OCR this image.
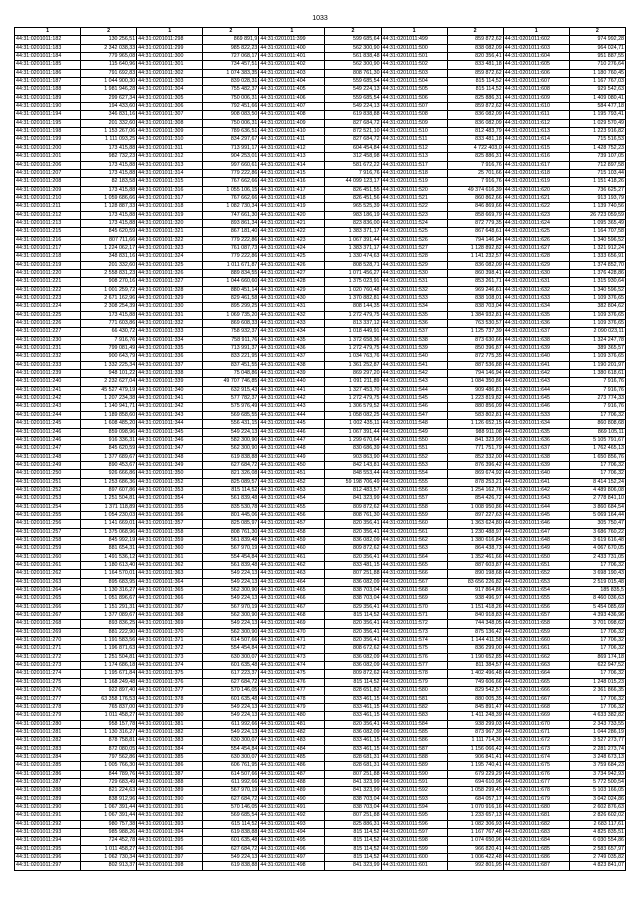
1033
1	2	1	2	1	2	1	2	1	2
44:31:0201011:182	130 256,51	44:31:0201011:298	869 891,9	44:31:0201011:399	599 685,64	44:31:0201011:499	859 872,62	44:31:0201011:602	974 992,28
44:31:0201011:183	2 342 038,33	44:31:0201011:299	985 822,23	44:31:0201011:400	562 300,90	44:31:0201011:500	838 082,09	44:31:0201011:603	964 024,71
44:31:0201011:184	779 965,08	44:31:0201011:300	727 068,17	44:31:0201011:401	561 838,48	44:31:0201011:501	820 356,41	44:31:0201011:604	951 887,55
44:31:0201011:185	115 640,96	44:31:0201011:301	734 457,51	44:31:0201011:402	562 300,90	44:31:0201011:502	833 481,18	44:31:0201011:605	710 276,64
44:31:0201011:186	791 692,83	44:31:0201011:302	1 074 383,35	44:31:0201011:403	808 761,30	44:31:0201011:503	859 872,62	44:31:0201011:606	1 180 760,45
44:31:0201011:187	1 044 900,30	44:31:0201011:303	839 028,31	44:31:0201011:404	559 685,54	44:31:0201011:504	815 114,52	44:31:0201011:607	1 167 767,03
44:31:0201011:188	1 981 946,28	44:31:0201011:304	755 482,37	44:31:0201011:405	549 224,13	44:31:0201011:505	815 114,52	44:31:0201011:608	929 542,63
44:31:0201011:189	299 627,34	44:31:0201011:305	750 006,31	44:31:0201011:406	559 685,54	44:31:0201011:506	825 886,31	44:31:0201011:609	1 409 080,41
44:31:0201011:190	194 433,60	44:31:0201011:306	792 451,66	44:31:0201011:407	549 224,13	44:31:0201011:507	859 872,62	44:31:0201011:610	584 477,18
44:31:0201011:194	346 831,16	44:31:0201011:307	908 083,50	44:31:0201011:408	619 838,88	44:31:0201011:508	836 082,09	44:31:0201011:611	1 195 793,41
44:31:0201011:195	201 332,60	44:31:0201011:308	750 006,31	44:31:0201011:409	827 684,72	44:31:0201011:509	836 082,09	44:31:0201011:612	1 029 570,49
44:31:0201011:198	1 153 267,06	44:31:0201011:309	789 636,51	44:31:0201011:410	872 521,10	44:31:0201011:510	812 483,79	44:31:0201011:613	1 223 916,82
44:31:0201011:199	1 111 093,25	44:31:0201011:310	834 297,67	44:31:0201011:411	827 684,72	44:31:0201011:511	833 481,18	44:31:0201011:614	715 516,53
44:31:0201011:200	173 415,88	44:31:0201011:311	713 991,17	44:31:0201011:412	604 454,84	44:31:0201011:512	4 722 403,0	44:31:0201011:615	1 428 752,23
44:31:0201011:201	982 732,23	44:31:0201011:312	904 253,01	44:31:0201011:413	312 458,98	44:31:0201011:513	825 886,31	44:31:0201011:616	739 107,05
44:31:0201011:206	173 415,88	44:31:0201011:313	997 660,61	44:31:0201011:414	581 672,22	44:31:0201011:517	7 916,76	44:31:0201011:617	712 897,58
44:31:0201011:207	173 415,88	44:31:0201011:314	779 222,86	44:31:0201011:415	7 916,76	44:31:0201011:518	25 701,66	44:31:0201011:618	715 103,44
44:31:0201011:208	82 183,58	44:31:0201011:315	767 662,66	44:31:0201011:416	44 099 123,17	44:31:0201011:519	7 916,76	44:31:0201011:619	1 151 418,26
44:31:0201011:209	173 415,88	44:31:0201011:316	1 055 106,15	44:31:0201011:417	826 451,55	44:31:0201011:520	49 374 616,39	44:31:0201011:620	736 625,27
44:31:0201011:210	1 059 686,66	44:31:0201011:317	767 662,66	44:31:0201011:418	826 451,56	44:31:0201011:521	860 862,66	44:31:0201011:621	913 193,79
44:31:0201011:211	1 128 887,33	44:31:0201011:318	1 082 730,34	44:31:0201011:419	965 525,39	44:31:0201011:522	846 869,66	44:31:0201011:622	1 139 740,56
44:31:0201011:212	173 415,88	44:31:0201011:319	747 661,30	44:31:0201011:420	983 186,19	44:31:0201011:523	858 669,79	44:31:0201011:623	26 723 059,59
44:31:0201011:213	173 415,88	44:31:0201011:320	893 861,34	44:31:0201011:421	823 836,00	44:31:0201011:524	872 779,35	44:31:0201011:624	1 095 365,49
44:31:0201011:215	845 620,59	44:31:0201011:321	867 181,40	44:31:0201011:422	1 383 371,17	44:31:0201011:525	867 648,61	44:31:0201011:625	1 164 707,58
44:31:0201011:216	807 711,66	44:31:0201011:322	779 222,86	44:31:0201011:423	1 067 391,44	44:31:0201011:526	794 146,94	44:31:0201011:626	1 340 596,52
44:31:0201011:217	1 224 062,17	44:31:0201011:323	761 087,73	44:31:0201011:424	1 383 371,17	44:31:0201011:527	1 128 892,82	44:31:0201011:627	1 321 912,24
44:31:0201011:218	348 831,16	44:31:0201011:324	779 222,86	44:31:0201011:425	1 330 474,63	44:31:0201011:528	1 141 232,57	44:31:0201011:628	1 333 656,91
44:31:0201011:219	201 332,60	44:31:0201011:325	1 011 671,87	44:31:0201011:426	808 528,71	44:31:0201011:529	836 082,09	44:31:0201011:629	1 374 852,70
44:31:0201011:220	2 558 831,23	44:31:0201011:326	889 834,55	44:31:0201011:427	1 071 456,27	44:31:0201011:530	860 398,41	44:31:0201011:630	1 376 428,86
44:31:0201011:221	908 270,16	44:31:0201011:327	1 044 660,60	44:31:0201011:428	1 375 023,91	44:31:0201011:531	853 261,71	44:31:0201011:631	1 315 930,64
44:31:0201011:222	1 001 259,72	44:31:0201011:328	880 451,14	44:31:0201011:429	1 020 760,48	44:31:0201011:532	969 246,61	44:31:0201011:632	1 340 596,52
44:31:0201011:223	2 671 162,96	44:31:0201011:329	829 461,58	44:31:0201011:430	1 370 882,81	44:31:0201011:533	838 108,01	44:31:0201011:633	1 109 376,65
44:31:0201011:224	2 308 254,39	44:31:0201011:330	895 299,25	44:31:0201011:431	808 144,35	44:31:0201011:534	838 703,04	44:31:0201011:634	382 804,62
44:31:0201011:225	173 415,88	44:31:0201011:331	1 069 735,20	44:31:0201011:432	1 272 479,75	44:31:0201011:535	1 384 932,81	44:31:0201011:635	1 109 376,65
44:31:0201011:226	771 603,86	44:31:0201011:332	869 608,33	44:31:0201011:433	813 337,12	44:31:0201011:536	763 530,57	44:31:0201011:636	1 109 376,65
44:31:0201011:227	66 430,72	44:31:0201011:333	758 932,37	44:31:0201011:434	1 018 449,91	44:31:0201011:537	1 125 737,39	44:31:0201011:637	2 090 023,11
44:31:0201011:230	7 916,76	44:31:0201011:334	758 911,76	44:31:0201011:435	1 372 658,36	44:31:0201011:538	873 630,66	44:31:0201011:638	1 324 247,78
44:31:0201011:231	799 081,49	44:31:0201011:335	713 991,37	44:31:0201011:436	1 272 479,75	44:31:0201011:539	850 396,87	44:31:0201011:639	389 365,57
44:31:0201011:232	900 643,79	44:31:0201011:336	833 221,95	44:31:0201011:437	1 034 763,76	44:31:0201011:540	872 775,35	44:31:0201011:640	1 109 376,65
44:31:0201011:233	1 332 225,34	44:31:0201011:337	837 451,55	44:31:0201011:438	1 361 252,87	44:31:0201011:541	887 536,88	44:31:0201011:641	1 190 201,97
44:31:0201011:239	948 101,22	44:31:0201011:338	75 048,86	44:31:0201011:439	869 297,20	44:31:0201011:542	794 146,94	44:31:0201011:642	1 380 618,61
44:31:0201011:240	2 232 627,04	44:31:0201011:339	49 707 746,85	44:31:0201011:440	1 091 211,89	44:31:0201011:543	1 084 350,86	44:31:0201011:643	7 916,76
44:31:0201011:241	45 527 479,19	44:31:0201011:340	632 915,43	44:31:0201011:441	1 327 453,70	44:31:0201011:544	909 486,81	44:31:0201011:644	7 916,76
44:31:0201011:242	1 207 234,38	44:31:0201011:341	577 782,37	44:31:0201011:442	1 272 479,75	44:31:0201011:545	1 223 819,82	44:31:0201011:645	273 774,33
44:31:0201011:243	1 140 941,71	44:31:0201011:342	575 976,49	44:31:0201011:443	1 306 579,52	44:31:0201011:546	880 856,09	44:31:0201011:646	7 916,76
44:31:0201011:244	1 189 858,60	44:31:0201011:343	569 685,55	44:31:0201011:444	1 058 082,25	44:31:0201011:547	583 802,81	44:31:0201011:533	17 706,32
44:31:0201011:245	1 608 485,20	44:31:0201011:344	556 431,15	44:31:0201011:445	1 002 435,11	44:31:0201011:548	1 126 652,15	44:31:0201011:634	860 808,68
44:31:0201011:246	859 098,96	44:31:0201011:345	549 224,13	44:31:0201011:446	1 067 391,44	44:31:0201011:549	988 911,08	44:31:0201011:635	869 105,11
44:31:0201011:246	916 336,31	44:31:0201011:346	582 300,90	44:31:0201011:447	1 299 670,64	44:31:0201011:550	841 323,99	44:31:0201011:636	5 105 791,67
44:31:0201011:247	845 620,59	44:31:0201011:347	562 300,90	44:31:0201011:448	830 686,39	44:31:0201011:551	771 751,79	44:31:0201011:637	1 762 465,13
44:31:0201011:248	1 377 689,67	44:31:0201011:348	619 838,88	44:31:0201011:449	903 863,90	44:31:0201011:552	852 332,00	44:31:0201011:638	1 650 856,76
44:31:0201011:249	890 453,67	44:31:0201011:349	627 684,72	44:31:0201011:450	842 143,81	44:31:0201011:553	876 396,42	44:31:0201011:639	17 706,32
44:31:0201011:250	926 666,86	44:31:0201011:350	821 326,08	44:31:0201011:451	848 553,44	44:31:0201011:554	869 674,92	44:31:0201011:640	17 706,32
44:31:0201011:251	1 253 686,36	44:31:0201011:352	825 089,57	44:31:0201011:452	59 198 706,49	44:31:0201011:555	878 253,21	44:31:0201011:641	8 414 152,24
44:31:0201011:252	897 607,86	44:31:0201011:353	815 114,52	44:31:0201011:453	812 483,57	44:31:0201011:556	1 254 162,76	44:31:0201011:642	4 489 806,08
44:31:0201011:253	1 251 504,81	44:31:0201011:354	561 839,48	44:31:0201011:454	841 323,99	44:31:0201011:557	854 426,72	44:31:0201011:643	2 778 841,10
44:31:0201011:254	1 371 118,89	44:31:0201011:355	835 530,78	44:31:0201011:455	809 872,62	44:31:0201011:558	1 008 950,86	44:31:0201011:644	3 860 684,54
44:31:0201011:255	1 054 230,03	44:31:0201011:356	801 445,06	44:31:0201011:456	808 761,30	44:31:0201011:559	897 227,63	44:31:0201011:645	5 069 164,44
44:31:0201011:256	1 141 669,01	44:31:0201011:357	825 085,97	44:31:0201011:457	820 356,41	44:31:0201011:560	1 363 624,80	44:31:0201011:646	305 750,47
44:31:0201011:257	1 375 068,96	44:31:0201011:358	808 761,30	44:31:0201011:458	820 356,41	44:31:0201011:561	1 230 488,97	44:31:0201011:647	3 686 760,22
44:31:0201011:258	845 992,19	44:31:0201011:359	561 839,48	44:31:0201011:459	836 082,09	44:31:0201011:562	1 380 616,84	44:31:0201011:648	3 619 616,48
44:31:0201011:259	881 654,31	44:31:0201011:360	567 970,19	44:31:0201011:460	809 872,62	44:31:0201011:563	864 438,73	44:31:0201011:649	4 067 670,05
44:31:0201011:260	1 491 536,12	44:31:0201011:361	554 454,84	44:31:0201011:461	820 356,41	44:31:0201011:564	1 352 461,66	44:31:0201011:650	2 433 731,05
44:31:0201011:261	1 180 613,40	44:31:0201011:362	561 839,48	44:31:0201011:462	833 481,15	44:31:0201011:565	887 603,87	44:31:0201011:651	17 706,32
44:31:0201011:262	1 164 570,01	44:31:0201011:363	549 224,13	44:31:0201011:463	807 251,88	44:31:0201011:566	890 198,68	44:31:0201011:652	3 698 190,43
44:31:0201011:263	895 683,95	44:31:0201011:364	549 224,13	44:31:0201011:464	836 082,09	44:31:0201011:567	83 656 226,82	44:31:0201011:653	2 519 015,48
44:31:0201011:264	1 130 316,27	44:31:0201011:365	562 300,90	44:31:0201011:465	838 703,04	44:31:0201011:568	917 864,86	44:31:0201011:654	185 835,5
44:31:0201011:265	1 051 896,67	44:31:0201011:366	549 224,13	44:31:0201011:466	838 703,04	44:31:0201011:569	938 496,97	44:31:0201011:655	8 460 036,63
44:31:0201011:266	1 151 291,31	44:31:0201011:367	567 970,19	44:31:0201011:467	829 356,41	44:31:0201011:570	1 151 418,26	44:31:0201011:656	5 454 085,69
44:31:0201011:267	1 377 089,67	44:31:0201011:368	562 300,90	44:31:0201011:468	815 114,52	44:31:0201011:571	840 918,83	44:31:0201011:657	4 393 436,96
44:31:0201011:268	893 836,25	44:31:0201011:369	549 224,13	44:31:0201011:469	820 356,41	44:31:0201011:572	744 348,05	44:31:0201011:658	3 701 098,62
44:31:0201011:269	881 222,90	44:31:0201011:370	562 300,90	44:31:0201011:470	820 356,41	44:31:0201011:573	875 136,42	44:31:0201011:659	17 706,32
44:31:0201011:270	1 191 583,56	44:31:0201011:371	614 507,66	44:31:0201011:471	820 356,41	44:31:0201011:574	1 144 411,58	44:31:0201011:660	17 706,32
44:31:0201011:271	1 196 871,63	44:31:0201011:372	554 454,84	44:31:0201011:472	808 672,62	44:31:0201011:575	836 299,00	44:31:0201011:661	17 706,32
44:31:0201011:272	1 251 504,81	44:31:0201011:373	630 300,07	44:31:0201011:473	836 082,09	44:31:0201011:576	1 190 652,85	44:31:0201011:662	869 174,18
44:31:0201011:273	1 174 686,18	44:31:0201011:374	601 635,48	44:31:0201011:474	836 082,09	44:31:0201011:577	811 384,57	44:31:0201011:663	622 947,52
44:31:0201011:274	1 195 671,84	44:31:0201011:375	617 223,37	44:31:0201011:475	809 872,62	44:31:0201011:578	1 402 496,48	44:31:0201011:664	17 706,32
44:31:0201011:275	1 168 249,48	44:31:0201011:376	627 684,72	44:31:0201011:476	815 114,52	44:31:0201011:579	749 606,66	44:31:0201011:665	1 248 015,23
44:31:0201011:276	922 897,40	44:31:0201011:377	570 146,05	44:31:0201011:477	828 651,82	44:31:0201011:580	829 542,57	44:31:0201011:666	2 361 866,35
44:31:0201011:277	63 358 176,53	44:31:0201011:378	601 635,48	44:31:0201011:478	833 461,15	44:31:0201011:581	880 005,35	44:31:0201011:667	17 706,32
44:31:0201011:278	765 837,00	44:31:0201011:379	549 224,13	44:31:0201011:479	833 461,15	44:31:0201011:582	845 891,47	44:31:0201011:668	17 706,32
44:31:0201011:279	1 011 458,27	44:31:0201011:380	549 224,13	44:31:0201011:480	833 461,15	44:31:0201011:583	1 411 248,39	44:31:0201011:669	4 633 382,82
44:31:0201011:280	958 157,78	44:31:0201011:381	611 992,66	44:31:0201011:481	820 356,41	44:31:0201011:584	938 299,03	44:31:0201011:670	2 343 733,55
44:31:0201011:281	1 130 316,27	44:31:0201011:382	549 224,13	44:31:0201011:482	836 082,09	44:31:0201011:585	873 967,39	44:31:0201011:671	1 044 286,19
44:31:0201011:282	878 758,81	44:31:0201011:383	630 300,07	44:31:0201011:483	833 461,15	44:31:0201011:586	1 111 714,36	44:31:0201011:672	3 527 273,77
44:31:0201011:283	872 080,05	44:31:0201011:384	554 454,84	44:31:0201011:484	833 461,15	44:31:0201011:587	1 156 066,42	44:31:0201011:673	2 281 273,74
44:31:0201011:284	797 562,86	44:31:0201011:385	630 300,07	44:31:0201011:485	828 681,31	44:31:0201011:588	906 841,41	44:31:0201011:674	3 248 673,13
44:31:0201011:285	1 005 766,30	44:31:0201011:386	606 761,95	44:31:0201011:486	828 681,31	44:31:0201011:589	1 195 740,41	44:31:0201011:675	3 759 684,23
44:31:0201011:286	844 789,76	44:31:0201011:387	614 507,66	44:31:0201011:487	807 251,88	44:31:0201011:590	679 229,29	44:31:0201011:676	3 734 942,93
44:31:0201011:287	729 683,49	44:31:0201011:388	611 992,66	44:31:0201011:488	841 323,99	44:31:0201011:591	694 610,96	44:31:0201011:677	5 772 500,54
44:31:0201011:288	821 224,63	44:31:0201011:389	567 970,19	44:31:0201011:489	841 323,99	44:31:0201011:592	1 058 299,45	44:31:0201011:678	5 103 166,05
44:31:0201011:289	838 912,96	44:31:0201011:390	627 684,72	44:31:0201011:490	838 703,04	44:31:0201011:593	684 057,17	44:31:0201011:679	3 042 024,86
44:31:0201011:290	1 067 391,44	44:31:0201011:391	570 146,05	44:31:0201011:491	838 703,04	44:31:0201011:594	1 070 916,16	44:31:0201011:680	2 602 876,63
44:31:0201011:291	1 067 391,44	44:31:0201011:392	569 685,54	44:31:0201011:492	807 251,88	44:31:0201011:595	1 233 657,13	44:31:0201011:681	2 826 602,02
44:31:0201011:292	980 757,38	44:31:0201011:393	615 114,52	44:31:0201011:493	825 886,31	44:31:0201011:596	1 082 306,93	44:31:0201011:682	2 683 117,61
44:31:0201011:293	985 988,26	44:31:0201011:394	619 838,88	44:31:0201011:494	815 114,52	44:31:0201011:597	1 167 767,48	44:31:0201011:683	4 825 835,51
44:31:0201011:294	724 452,78	44:31:0201011:395	601 635,48	44:31:0201011:495	815 114,52	44:31:0201011:598	1 074 650,96	44:31:0201011:684	6 030 554,86
44:31:0201011:295	1 011 458,27	44:31:0201011:396	627 684,72	44:31:0201011:496	815 114,52	44:31:0201011:599	966 820,41	44:31:0201011:685	2 583 657,97
44:31:0201011:296	1 062 730,34	44:31:0201011:397	549 224,13	44:31:0201011:497	815 114,52	44:31:0201011:600	1 006 422,48	44:31:0201011:686	2 749 035,82
44:31:0201011:297	802 913,37	44:31:0201011:398	619 838,88	44:31:0201011:498	841 323,99	44:31:0201011:601	992 801,95	44:31:0201011:687	4 823 841,07
